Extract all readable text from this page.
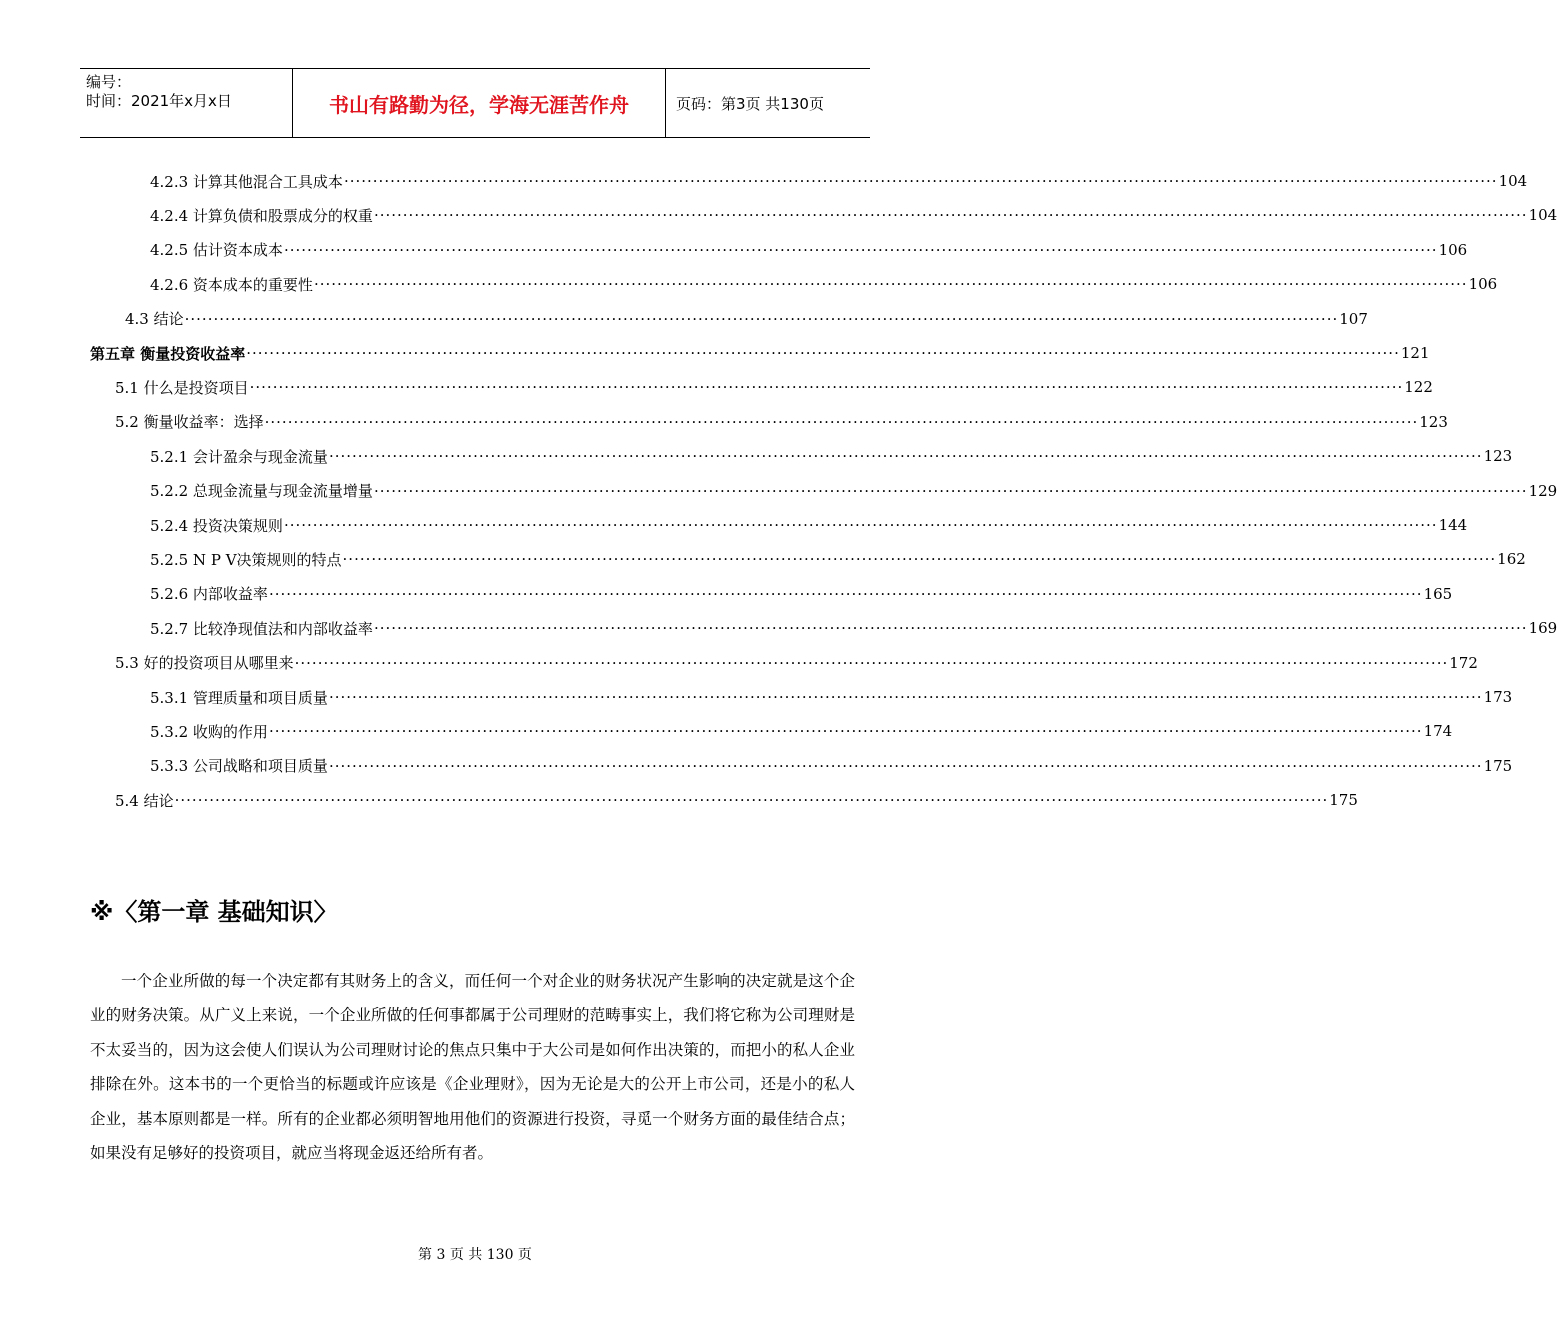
编号：
时间：2021年x月x日	书山有路勤为径，学海无涯苦作舟	页码：第3页 共130页
4.2.3 计算其他混合工具成本 ········································································································································································································ 104
4.2.4 计算负债和股票成分的权重 ········································································································································································································ 104
4.2.5 估计资本成本 ········································································································································································································ 106
4.2.6 资本成本的重要性 ········································································································································································································ 106
4.3 结论 ········································································································································································································ 107
第五章 衡量投资收益率 ········································································································································································································ 121
5.1 什么是投资项目 ········································································································································································································ 122
5.2 衡量收益率：选择 ········································································································································································································ 123
5.2.1 会计盈余与现金流量 ········································································································································································································ 123
5.2.2 总现金流量与现金流量增量 ········································································································································································································ 129
5.2.4 投资决策规则 ········································································································································································································ 144
5.2.5 N P V决策规则的特点 ········································································································································································································ 162
5.2.6 内部收益率 ········································································································································································································ 165
5.2.7 比较净现值法和内部收益率 ········································································································································································································ 169
5.3 好的投资项目从哪里来 ········································································································································································································ 172
5.3.1 管理质量和项目质量 ········································································································································································································ 173
5.3.2 收购的作用 ········································································································································································································ 174
5.3.3 公司战略和项目质量 ········································································································································································································ 175
5.4 结论 ········································································································································································································ 175
※〈第一章 基础知识〉
一个企业所做的每一个决定都有其财务上的含义，而任何一个对企业的财务状况产生影响的决定就是这个企业的财务决策。从广义上来说，一个企业所做的任何事都属于公司理财的范畴事实上，我们将它称为公司理财是不太妥当的，因为这会使人们误认为公司理财讨论的焦点只集中于大公司是如何作出决策的，而把小的私人企业排除在外。这本书的一个更恰当的标题或许应该是《企业理财》，因为无论是大的公开上市公司，还是小的私人企业，基本原则都是一样。所有的企业都必须明智地用他们的资源进行投资，寻觅一个财务方面的最佳结合点；如果没有足够好的投资项目，就应当将现金返还给所有者。
第 3 页 共 130 页
